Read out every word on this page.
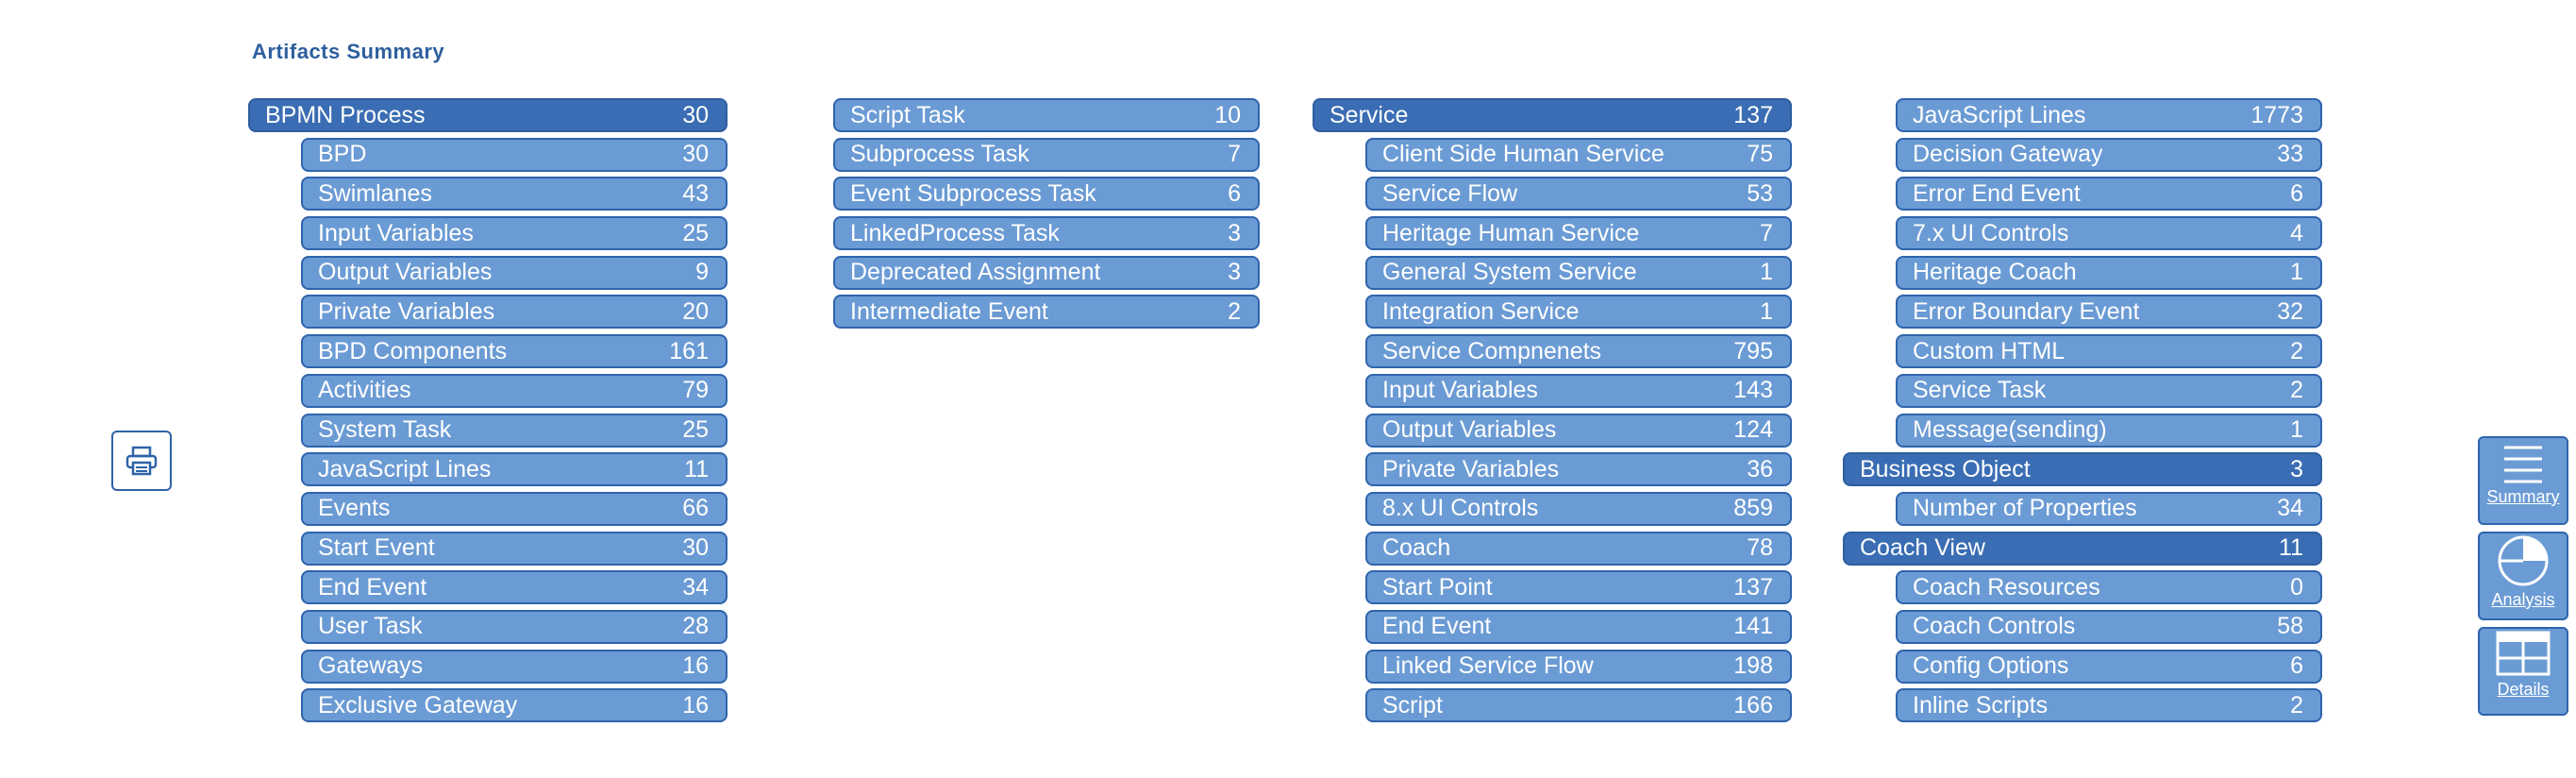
Artifacts Summary
BPMN Process	30
BPD	30
Swimlanes	43
Input Variables	25
Output Variables	9
Private Variables	20
BPD Components	161
Activities	79
System Task	25
JavaScript Lines	11
Events	66
Start Event	30
End Event	34
User Task	28
Gateways	16
Exclusive Gateway	16
Script Task	10
Subprocess Task	7
Event Subprocess Task	6
LinkedProcess Task	3
Deprecated Assignment	3
Intermediate Event	2
Service	137
Client Side Human Service	75
Service Flow	53
Heritage Human Service	7
General System Service	1
Integration Service	1
Service Compnenets	795
Input Variables	143
Output Variables	124
Private Variables	36
8.x UI Controls	859
Coach	78
Start Point	137
End Event	141
Linked Service Flow	198
Script	166
JavaScript Lines	1773
Decision Gateway	33
Error End Event	6
7.x UI Controls	4
Heritage Coach	1
Error Boundary Event	32
Custom HTML	2
Service Task	2
Message(sending)	1
Business Object	3
Number of Properties	34
Coach View	11
Coach Resources	0
Coach Controls	58
Config Options	6
Inline Scripts	2
Summary
Analysis
Details
